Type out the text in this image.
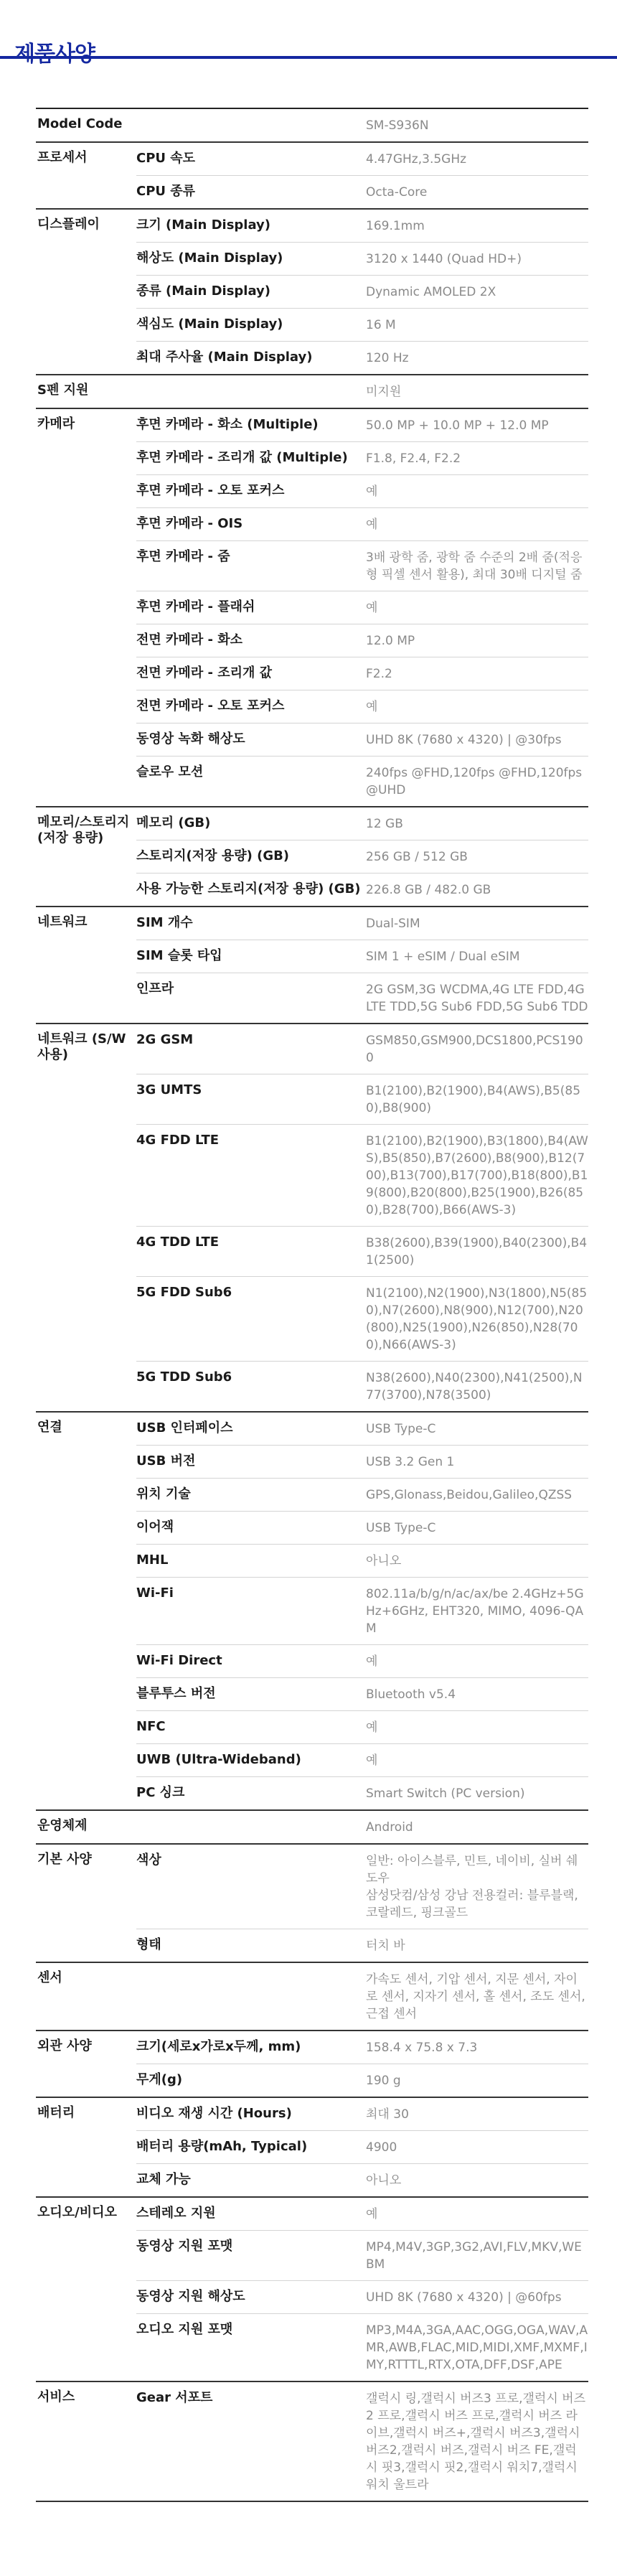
제품사양
Model Code	SM-S936N
프로세서	CPU 속도	4.47GHz,3.5GHz
CPU 종류	Octa-Core
디스플레이	크기 (Main Display)	169.1mm
해상도 (Main Display)	3120 x 1440 (Quad HD+)
종류 (Main Display)	Dynamic AMOLED 2X
색심도 (Main Display)	16 M
최대 주사율 (Main Display)	120 Hz
S펜 지원	미지원
카메라	후면 카메라 - 화소 (Multiple)	50.0 MP + 10.0 MP + 12.0 MP
후면 카메라 - 조리개 값 (Multiple)	F1.8, F2.4, F2.2
후면 카메라 - 오토 포커스	예
후면 카메라 - OIS	예
후면 카메라 - 줌	3배 광학 줌, 광학 줌 수준의 2배 줌(적응형 픽셀 센서 활용), 최대 30배 디지털 줌
후면 카메라 - 플래쉬	예
전면 카메라 - 화소	12.0 MP
전면 카메라 - 조리개 값	F2.2
전면 카메라 - 오토 포커스	예
동영상 녹화 해상도	UHD 8K (7680 x 4320) | @30fps
슬로우 모션	240fps @FHD,120fps @FHD,120fps @UHD
메모리/스토리지(저장 용량)
메모리 (GB)	12 GB
스토리지(저장 용량) (GB)	256 GB / 512 GB
사용 가능한 스토리지(저장 용량) (GB) 226.8 GB / 482.0 GB
네트워크	SIM 개수	Dual-SIM
SIM 슬롯 타입	SIM 1 + eSIM / Dual eSIM
인프라	2G GSM,3G WCDMA,4G LTE FDD,4G LTE TDD,5G Sub6 FDD,5G Sub6 TDD
네트워크 (S/W 사용)
2G GSM	GSM850,GSM900,DCS1800,PCS1900
3G UMTS	B1(2100),B2(1900),B4(AWS),B5(850),B8(900)
4G FDD LTE	B1(2100),B2(1900),B3(1800),B4(AWS),B5(850),B7(2600),B8(900),B12(700),B13(700),B17(700),B18(800),B19(800),B20(800),B25(1900),B26(850),B28(700),B66(AWS-3)
4G TDD LTE	B38(2600),B39(1900),B40(2300),B41(2500)
5G FDD Sub6	N1(2100),N2(1900),N3(1800),N5(850),N7(2600),N8(900),N12(700),N20(800),N25(1900),N26(850),N28(700),N66(AWS-3)
5G TDD Sub6	N38(2600),N40(2300),N41(2500),N77(3700),N78(3500)
연결	USB 인터페이스	USB Type-C
USB 버전	USB 3.2 Gen 1
위치 기술	GPS,Glonass,Beidou,Galileo,QZSS
이어잭	USB Type-C
MHL	아니오
Wi-Fi	802.11a/b/g/n/ac/ax/be 2.4GHz+5GHz+6GHz, EHT320, MIMO, 4096-QAM
Wi-Fi Direct	예
블루투스 버전	Bluetooth v5.4
NFC	예
UWB (Ultra-Wideband)	예
PC 싱크	Smart Switch (PC version)
운영체제	Android
기본 사양	색상	일반: 아이스블루, 민트, 네이비, 실버 쉐도우
삼성닷컴/삼성 강남 전용컬러: 블루블랙, 코랄레드, 핑크골드
형태	터치 바
센서	가속도 센서, 기압 센서, 지문 센서, 자이로 센서, 지자기 센서, 홀 센서, 조도 센서, 근접 센서
외관 사양	크기(세로x가로x두께, mm)	158.4 x 75.8 x 7.3
무게(g)	190 g
배터리	비디오 재생 시간 (Hours)	최대 30
배터리 용량(mAh, Typical)	4900
교체 가능	아니오
오디오/비디오	스테레오 지원	예
동영상 지원 포맷	MP4,M4V,3GP,3G2,AVI,FLV,MKV,WEBM
동영상 지원 해상도	UHD 8K (7680 x 4320) | @60fps
오디오 지원 포맷	MP3,M4A,3GA,AAC,OGG,OGA,WAV,AMR,AWB,FLAC,MID,MIDI,XMF,MXMF,IMY,RTTTL,RTX,OTA,DFF,DSF,APE
서비스	Gear 서포트	갤럭시 링,갤럭시 버즈3 프로,갤럭시 버즈2 프로,갤럭시 버즈 프로,갤럭시 버즈 라이브,갤럭시 버즈+,갤럭시 버즈3,갤럭시 버즈2,갤럭시 버즈,갤럭시 버즈 FE,갤럭시 핏3,갤럭시 핏2,갤럭시 워치7,갤럭시 워치 울트라
